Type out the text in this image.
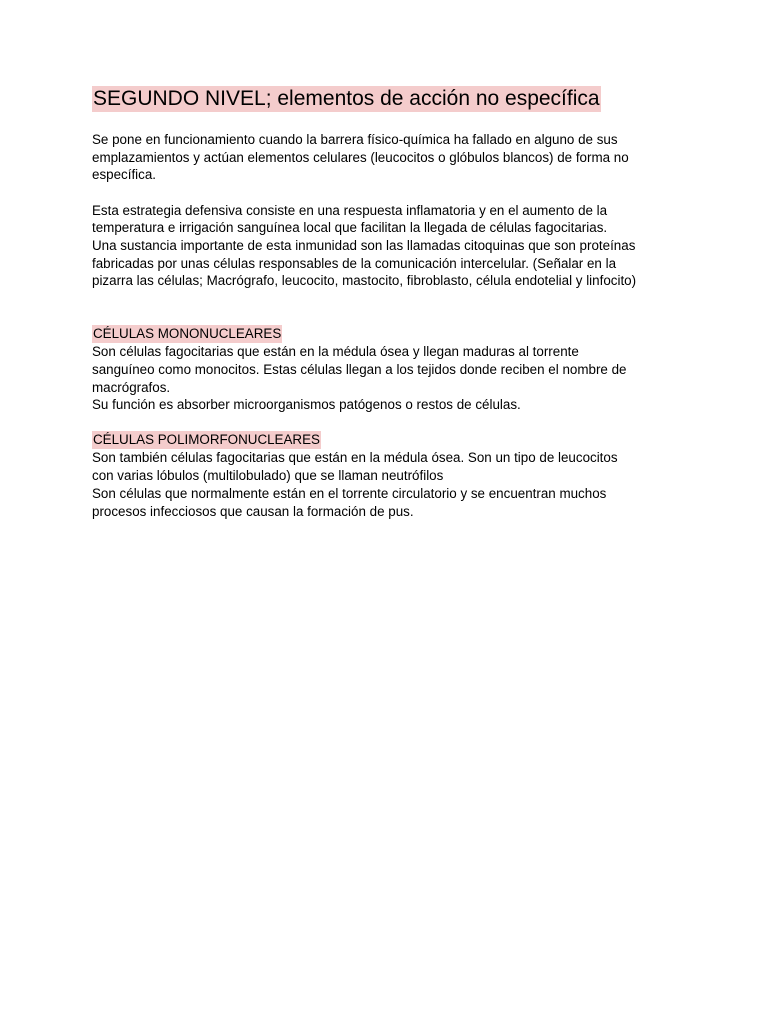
SEGUNDO NIVEL; elementos de acción no específica

Se pone en funcionamiento cuando la barrera físico-química ha fallado en alguno de sus
emplazamientos y actúan elementos celulares (leucocitos o glóbulos blancos) de forma no
específica.

Esta estrategia defensiva consiste en una respuesta inflamatoria y en el aumento de la
temperatura e irrigación sanguínea local que facilitan la llegada de células fagocitarias.
Una sustancia importante de esta inmunidad son las llamadas citoquinas que son proteínas
fabricadas por unas células responsables de la comunicación intercelular. (Señalar en la
pizarra las células; Macrógrafo, leucocito, mastocito, fibroblasto, célula endotelial y linfocito)

CÉLULAS MONONUCLEARES

Son células fagocitarias que están en la médula ósea y llegan maduras al torrente
sanguíneo como monocitos. Estas células llegan a los tejidos donde reciben el nombre de
macrógrafos.
Su función es absorber microorganismos patógenos o restos de células.

CÉLULAS POLIMORFONUCLEARES

Son también células fagocitarias que están en la médula ósea. Son un tipo de leucocitos
con varias lóbulos (multilobulado) que se llaman neutrófilos
Son células que normalmente están en el torrente circulatorio y se encuentran muchos
procesos infecciosos que causan la formación de pus.
